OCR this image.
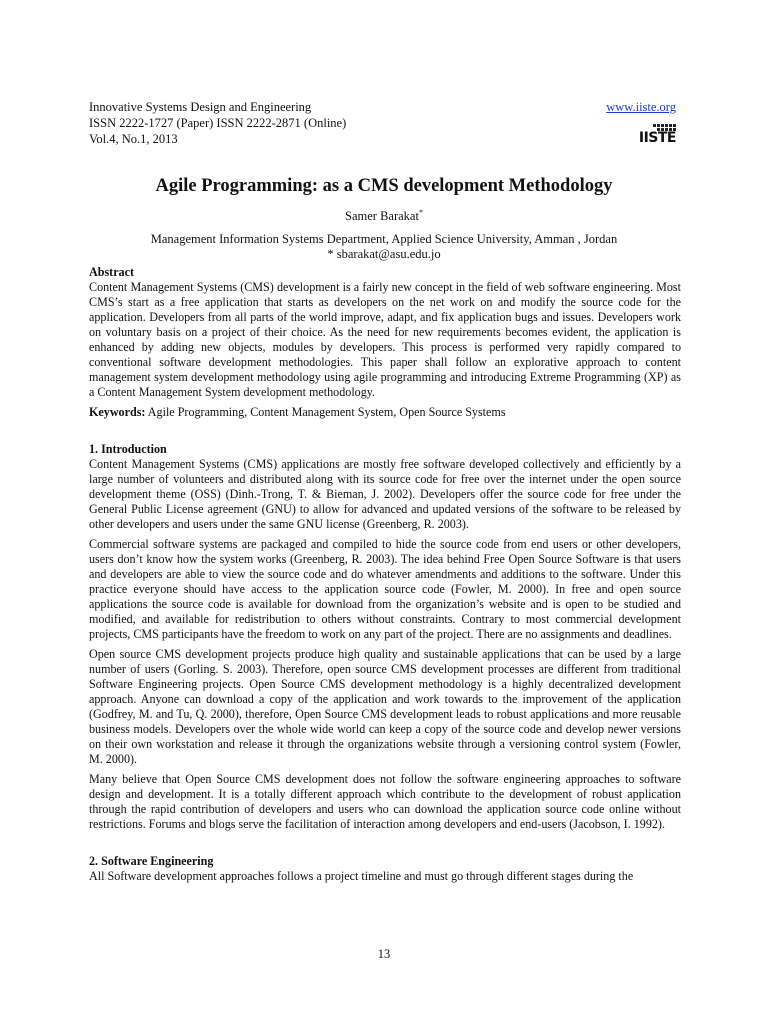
Innovative Systems Design and Engineering
ISSN 2222-1727 (Paper) ISSN 2222-2871 (Online)
Vol.4, No.1, 2013
www.iiste.org
IISTE
Agile Programming: as a CMS development Methodology
Samer Barakat*
Management Information Systems Department, Applied Science University, Amman , Jordan
* sbarakat@asu.edu.jo

Abstract

Content Management Systems (CMS) development is a fairly new concept in the field of web software engineering. Most CMS’s start as a free application that starts as developers on the net work on and modify the source code for the application. Developers from all parts of the world improve, adapt, and fix application bugs and issues. Developers work on voluntary basis on a project of their choice. As the need for new requirements becomes evident, the application is enhanced by adding new objects, modules by developers. This process is performed very rapidly compared to conventional software development methodologies. This paper shall follow an explorative approach to content management system development methodology using agile programming and introducing Extreme Programming (XP) as a Content Management System development methodology.

Keywords: Agile Programming, Content Management System, Open Source Systems

1. Introduction

Content Management Systems (CMS) applications are mostly free software developed collectively and efficiently by a large number of volunteers and distributed along with its source code for free over the internet under the open source development theme (OSS) (Dinh.-Trong, T. & Bieman, J. 2002). Developers offer the source code for free under the General Public License agreement (GNU) to allow for advanced and updated versions of the software to be released by other developers and users under the same GNU license (Greenberg, R. 2003).

Commercial software systems are packaged and compiled to hide the source code from end users or other developers, users don’t know how the system works (Greenberg, R. 2003). The idea behind Free Open Source Software is that users and developers are able to view the source code and do whatever amendments and additions to the software. Under this practice everyone should have access to the application source code (Fowler, M. 2000). In free and open source applications the source code is available for download from the organization’s website and is open to be studied and modified, and available for redistribution to others without constraints. Contrary to most commercial development projects, CMS participants have the freedom to work on any part of the project. There are no assignments and deadlines.

Open source CMS development projects produce high quality and sustainable applications that can be used by a large number of users (Gorling. S. 2003). Therefore, open source CMS development processes are different from traditional Software Engineering projects. Open Source CMS development methodology is a highly decentralized development approach. Anyone can download a copy of the application and work towards to the improvement of the application (Godfrey, M. and Tu, Q. 2000), therefore, Open Source CMS development leads to robust applications and more reusable business models. Developers over the whole wide world can keep a copy of the source code and develop newer versions on their own workstation and release it through the organizations website through a versioning control system (Fowler, M. 2000).

Many believe that Open Source CMS development does not follow the software engineering approaches to software design and development. It is a totally different approach which contribute to the development of robust application through the rapid contribution of developers and users who can download the application source code online without restrictions. Forums and blogs serve the facilitation of interaction among developers and end-users (Jacobson, I. 1992).

2. Software Engineering

All Software development approaches follows a project timeline and must go through different stages during the

13
